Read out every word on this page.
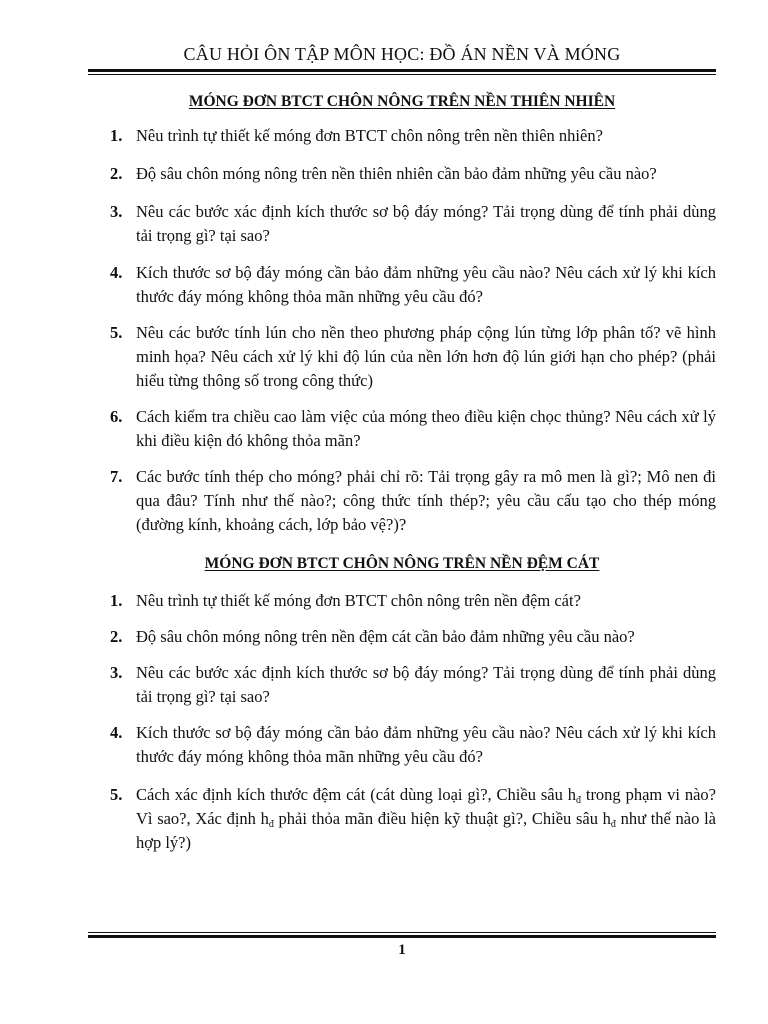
CÂU HỎI ÔN TẬP MÔN HỌC: ĐỒ ÁN NỀN VÀ MÓNG
MÓNG ĐƠN BTCT CHÔN NÔNG TRÊN NỀN THIÊN NHIÊN
1. Nêu trình tự thiết kế móng đơn BTCT chôn nông trên nền thiên nhiên?
2. Độ sâu chôn móng nông trên nền thiên nhiên cần bảo đảm những yêu cầu nào?
3. Nêu các bước xác định kích thước sơ bộ đáy móng? Tải trọng dùng để tính phải dùng tải trọng gì? tại sao?
4. Kích thước sơ bộ đáy móng cần bảo đảm những yêu cầu nào? Nêu cách xử lý khi kích thước đáy móng không thỏa mãn những yêu cầu đó?
5. Nêu các bước tính lún cho nền theo phương pháp cộng lún từng lớp phân tố? vẽ hình minh họa? Nêu cách xử lý khi độ lún của nền lớn hơn độ lún giới hạn cho phép? (phải hiểu từng thông số trong công thức)
6. Cách kiểm tra chiều cao làm việc của móng theo điều kiện chọc thủng? Nêu cách xử lý khi điều kiện đó không thỏa mãn?
7. Các bước tính thép cho móng? phải chỉ rõ: Tải trọng gây ra mô men là gì?; Mô nen đi qua đâu? Tính như thế nào?; công thức tính thép?; yêu cầu cấu tạo cho thép móng (đường kính, khoảng cách, lớp bảo vệ?)?
MÓNG ĐƠN BTCT CHÔN NÔNG TRÊN NỀN ĐỆM CÁT
1. Nêu trình tự thiết kế móng đơn BTCT chôn nông trên nền đệm cát?
2. Độ sâu chôn móng nông trên nền đệm cát cần bảo đảm những yêu cầu nào?
3. Nêu các bước xác định kích thước sơ bộ đáy móng? Tải trọng dùng để tính phải dùng tải trọng gì? tại sao?
4. Kích thước sơ bộ đáy móng cần bảo đảm những yêu cầu nào? Nêu cách xử lý khi kích thước đáy móng không thỏa mãn những yêu cầu đó?
5. Cách xác định kích thước đệm cát (cát dùng loại gì?, Chiều sâu $h_đ$ trong phạm vi nào? Vì sao?, Xác định $h_đ$ phải thỏa mãn điều hiện kỹ thuật gì?, Chiều sâu $h_đ$ như thế nào là hợp lý?)
1
